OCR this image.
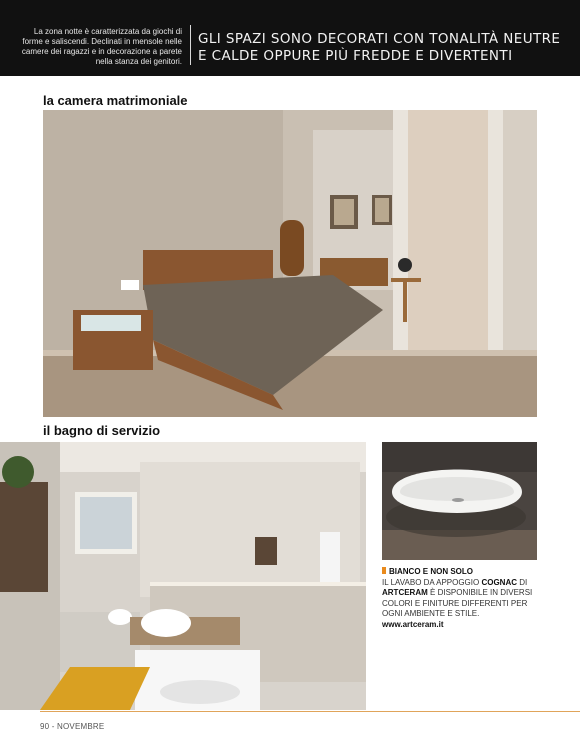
La zona notte è caratterizzata da giochi di forme e saliscendi. Declinati in mensole nelle camere dei ragazzi e in decorazione a parete nella stanza dei genitori.
GLI SPAZI SONO DECORATI CON TONALITÀ NEUTRE
E CALDE OPPURE PIÙ FREDDE E DIVERTENTI
la camera matrimoniale
il bagno di servizio
BIANCO E NON SOLO
IL LAVABO DA APPOGGIO COGNAC DI ARTCERAM È DISPONIBILE IN DIVERSI COLORI E FINITURE DIFFERENTI PER OGNI AMBIENTE E STILE.
www.artceram.it
90 - NOVEMBRE
